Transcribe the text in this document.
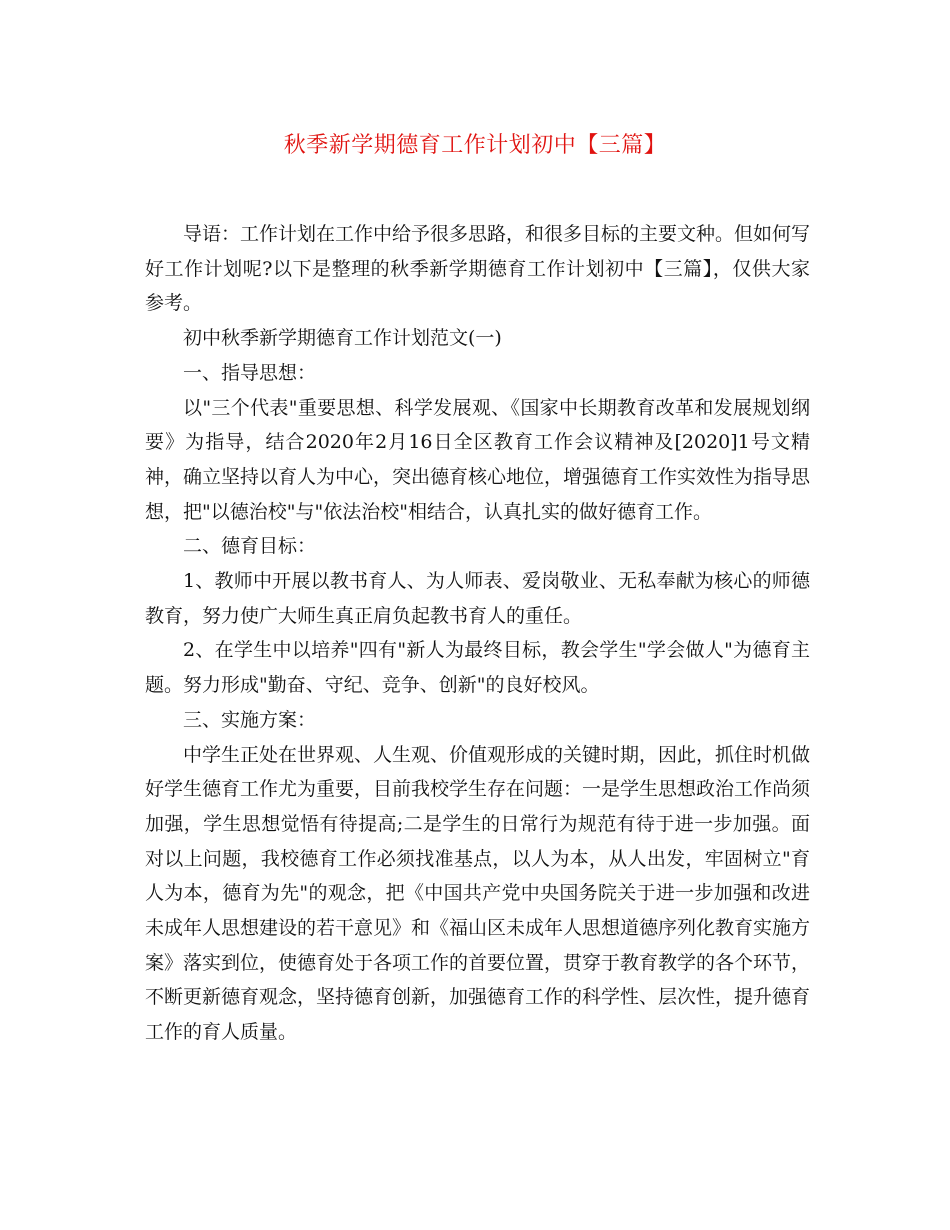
秋季新学期德育工作计划初中【三篇】

导语：工作计划在工作中给予很多思路，和很多目标的主要文种。但如何写好工作计划呢?以下是整理的秋季新学期德育工作计划初中【三篇】，仅供大家参考。

初中秋季新学期德育工作计划范文(一)

一、指导思想：

以"三个代表"重要思想、科学发展观、《国家中长期教育改革和发展规划纲要》为指导，结合2020年2月16日全区教育工作会议精神及[2020]1号文精神，确立坚持以育人为中心，突出德育核心地位，增强德育工作实效性为指导思想，把"以德治校"与"依法治校"相结合，认真扎实的做好德育工作。

二、德育目标：

1、教师中开展以教书育人、为人师表、爱岗敬业、无私奉献为核心的师德教育，努力使广大师生真正肩负起教书育人的重任。

2、在学生中以培养"四有"新人为最终目标，教会学生"学会做人"为德育主题。努力形成"勤奋、守纪、竞争、创新"的良好校风。

三、实施方案：

中学生正处在世界观、人生观、价值观形成的关键时期，因此，抓住时机做好学生德育工作尤为重要，目前我校学生存在问题：一是学生思想政治工作尚须加强，学生思想觉悟有待提高;二是学生的日常行为规范有待于进一步加强。面对以上问题，我校德育工作必须找准基点，以人为本，从人出发，牢固树立"育人为本，德育为先"的观念，把《中国共产党中央国务院关于进一步加强和改进未成年人思想建设的若干意见》和《福山区未成年人思想道德序列化教育实施方案》落实到位，使德育处于各项工作的首要位置，贯穿于教育教学的各个环节，不断更新德育观念，坚持德育创新，加强德育工作的科学性、层次性，提升德育工作的育人质量。
